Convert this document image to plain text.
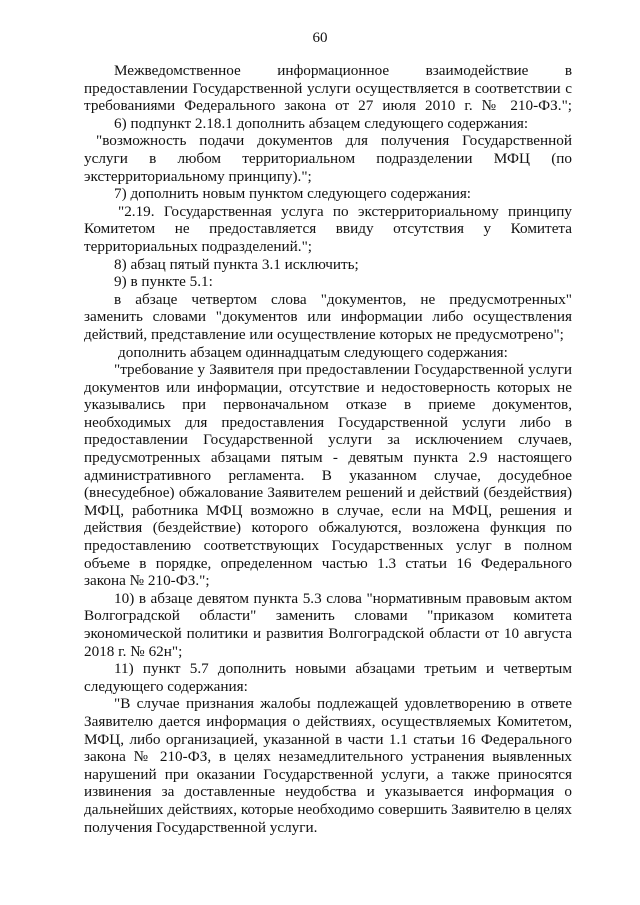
60

Межведомственное информационное взаимодействие в предоставлении Государственной услуги осуществляется в соответствии с требованиями Федерального закона от 27 июля 2010 г. № 210-ФЗ.";

6) подпункт 2.18.1 дополнить абзацем следующего содержания:

"возможность подачи документов для получения Государственной услуги в любом территориальном подразделении МФЦ (по экстерриториальному принципу).";

7) дополнить новым пунктом следующего содержания:

"2.19. Государственная услуга по экстерриториальному принципу Комитетом не предоставляется ввиду отсутствия у Комитета территориальных подразделений.";

8) абзац пятый пункта 3.1 исключить;

9) в пункте 5.1:

в абзаце четвертом слова "документов, не предусмотренных" заменить словами "документов или информации либо осуществления действий, представление или осуществление которых не предусмотрено";

дополнить абзацем одиннадцатым следующего содержания:

"требование у Заявителя при предоставлении Государственной услуги документов или информации, отсутствие и недостоверность которых не указывались при первоначальном отказе в приеме документов, необходимых для предоставления Государственной услуги либо в предоставлении Государственной услуги за исключением случаев, предусмотренных абзацами пятым - девятым пункта 2.9 настоящего административного регламента. В указанном случае, досудебное (внесудебное) обжалование Заявителем решений и действий (бездействия) МФЦ, работника МФЦ возможно в случае, если на МФЦ, решения и действия (бездействие) которого обжалуются, возложена функция по предоставлению соответствующих Государственных услуг в полном объеме в порядке, определенном частью 1.3 статьи 16 Федерального закона № 210-ФЗ.";

10) в абзаце девятом пункта 5.3 слова "нормативным правовым актом Волгоградской области" заменить словами "приказом комитета экономической политики и развития Волгоградской области от 10 августа 2018 г. № 62н";

11) пункт 5.7 дополнить новыми абзацами третьим и четвертым следующего содержания:

"В случае признания жалобы подлежащей удовлетворению в ответе Заявителю дается информация о действиях, осуществляемых Комитетом, МФЦ, либо организацией, указанной в части 1.1 статьи 16 Федерального закона № 210-ФЗ, в целях незамедлительного устранения выявленных нарушений при оказании Государственной услуги, а также приносятся извинения за доставленные неудобства и указывается информация о дальнейших действиях, которые необходимо совершить Заявителю в целях получения Государственной услуги.
